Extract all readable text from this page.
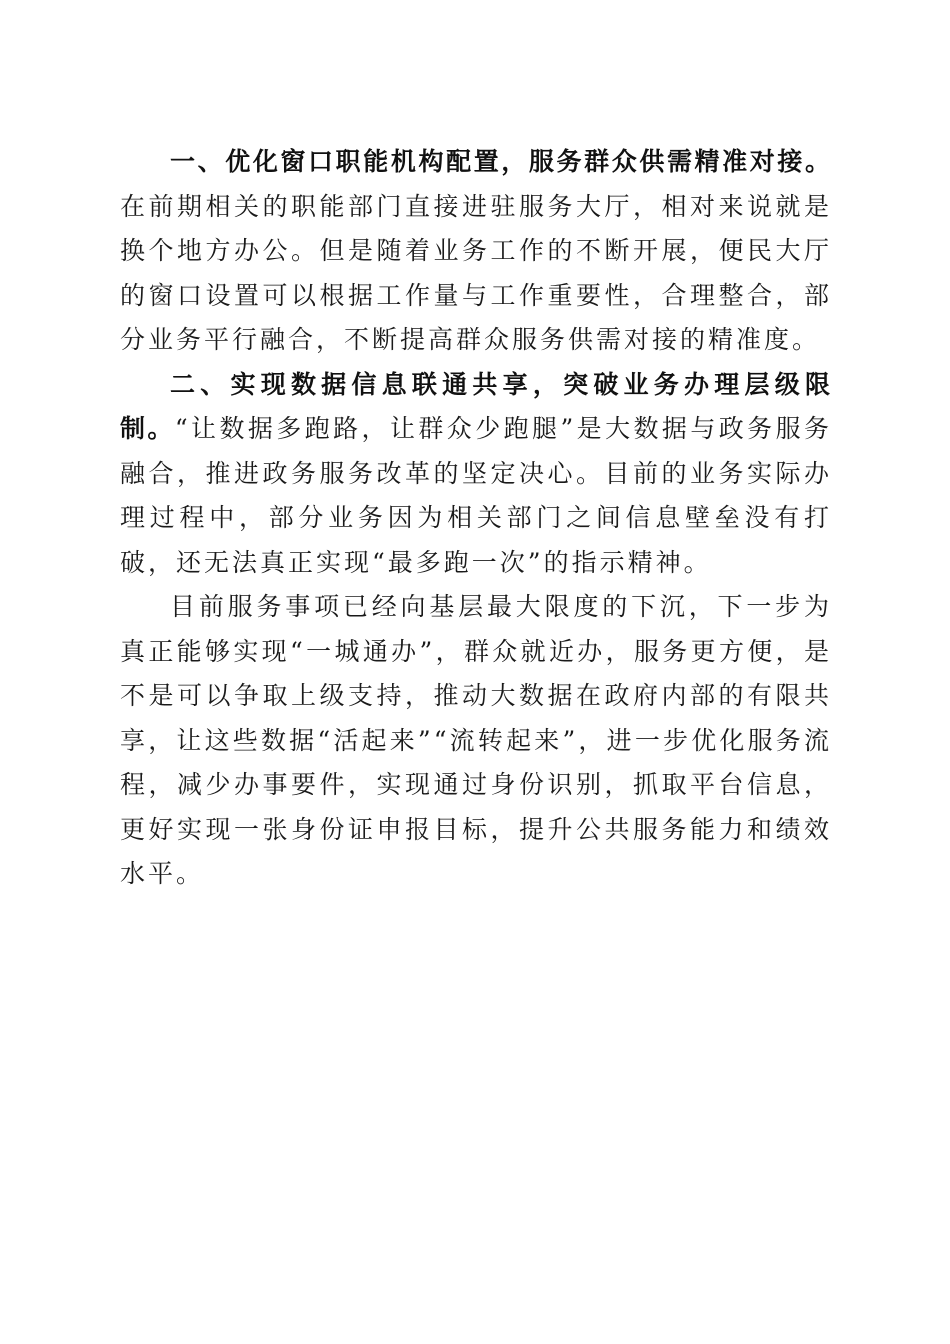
一、优化窗口职能机构配置，服务群众供需精准对接。在前期相关的职能部门直接进驻服务大厅，相对来说就是换个地方办公。但是随着业务工作的不断开展，便民大厅的窗口设置可以根据工作量与工作重要性，合理整合，部分业务平行融合，不断提高群众服务供需对接的精准度。

二、实现数据信息联通共享，突破业务办理层级限制。“让数据多跑路，让群众少跑腿”是大数据与政务服务融合，推进政务服务改革的坚定决心。目前的业务实际办理过程中，部分业务因为相关部门之间信息壁垒没有打破，还无法真正实现“最多跑一次”的指示精神。

目前服务事项已经向基层最大限度的下沉，下一步为真正能够实现“一城通办”，群众就近办，服务更方便，是不是可以争取上级支持，推动大数据在政府内部的有限共享，让这些数据“活起来”“流转起来”，进一步优化服务流程，减少办事要件，实现通过身份识别，抓取平台信息，更好实现一张身份证申报目标，提升公共服务能力和绩效水平。
